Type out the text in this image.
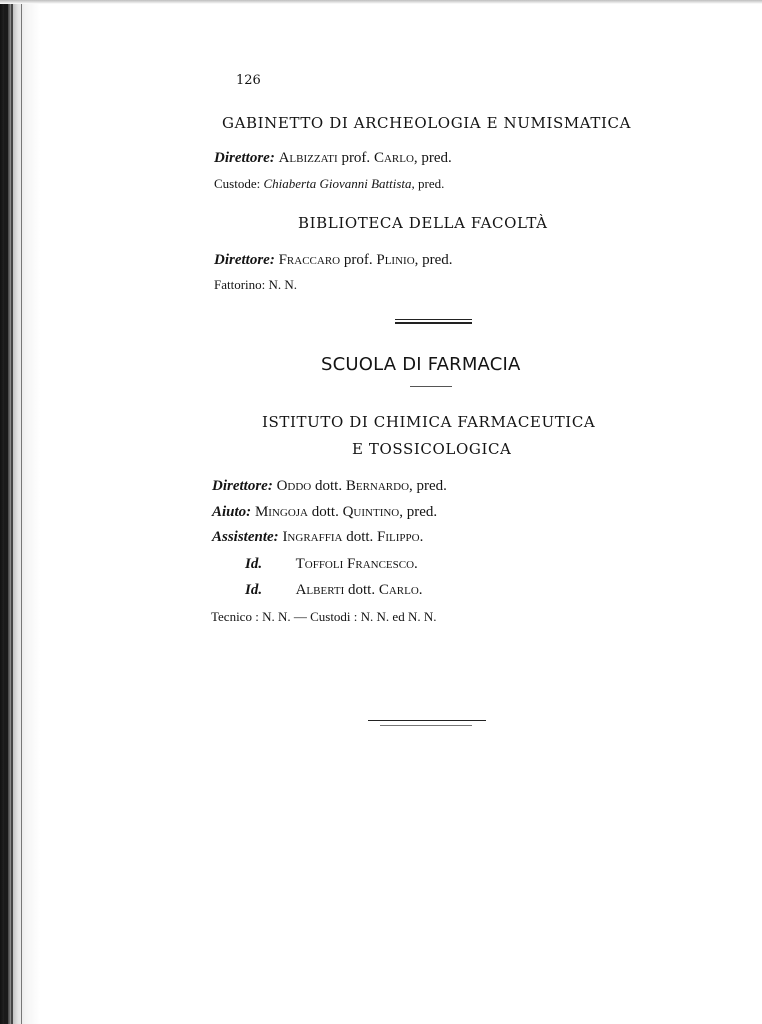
126
GABINETTO DI ARCHEOLOGIA E NUMISMATICA
Direttore: Albizzati prof. Carlo, pred.
Custode: Chiaberta Giovanni Battista, pred.
BIBLIOTECA DELLA FACOLTÀ
Direttore: Fraccaro prof. Plinio, pred.
Fattorino: N. N.
SCUOLA DI FARMACIA
ISTITUTO DI CHIMICA FARMACEUTICA
E TOSSICOLOGICA
Direttore: Oddo dott. Bernardo, pred.
Aiuto: Mingoja dott. Quintino, pred.
Assistente: Ingraffia dott. Filippo.
Id. Toffoli Francesco.
Id. Alberti dott. Carlo.
Tecnico : N. N. — Custodi : N. N. ed N. N.
